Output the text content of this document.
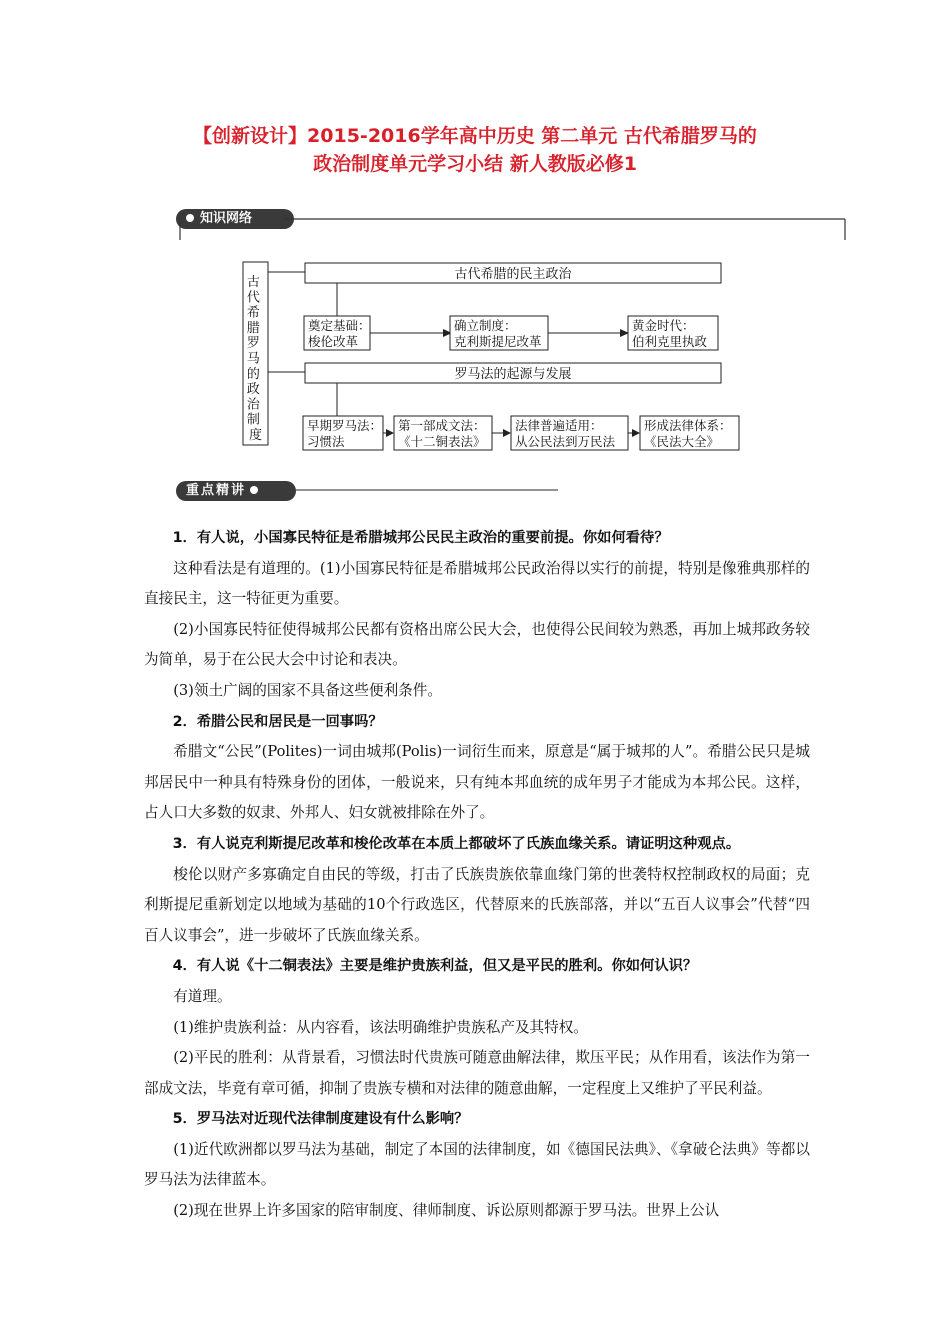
【创新设计】2015-2016学年高中历史 第二单元 古代希腊罗马的
政治制度单元学习小结 新人教版必修1
知识网络
古 代 希 腊 罗 马 的 政 治 制 度
古代希腊的民主政治
奠定基础：
梭伦改革
确立制度：
克利斯提尼改革
黄金时代：
伯利克里执政
罗马法的起源与发展
早期罗马法：
习惯法
第一部成文法：
《十二铜表法》
法律普遍适用：
从公民法到万民法
形成法律体系：
《民法大全》
重点精讲

1．有人说，小国寡民特征是希腊城邦公民民主政治的重要前提。你如何看待？

这种看法是有道理的。(1)小国寡民特征是希腊城邦公民政治得以实行的前提，特别是像雅典那样的直接民主，这一特征更为重要。

(2)小国寡民特征使得城邦公民都有资格出席公民大会，也使得公民间较为熟悉，再加上城邦政务较为简单，易于在公民大会中讨论和表决。

(3)领土广阔的国家不具备这些便利条件。

2．希腊公民和居民是一回事吗？

希腊文“公民”(Polites)一词由城邦(Polis)一词衍生而来，原意是“属于城邦的人”。希腊公民只是城邦居民中一种具有特殊身份的团体，一般说来，只有纯本邦血统的成年男子才能成为本邦公民。这样，占人口大多数的奴隶、外邦人、妇女就被排除在外了。

3．有人说克利斯提尼改革和梭伦改革在本质上都破坏了氏族血缘关系。请证明这种观点。

梭伦以财产多寡确定自由民的等级，打击了氏族贵族依靠血缘门第的世袭特权控制政权的局面；克利斯提尼重新划定以地域为基础的10个行政选区，代替原来的氏族部落，并以“五百人议事会”代替“四百人议事会”，进一步破坏了氏族血缘关系。

4．有人说《十二铜表法》主要是维护贵族利益，但又是平民的胜利。你如何认识？

有道理。

(1)维护贵族利益：从内容看，该法明确维护贵族私产及其特权。

(2)平民的胜利：从背景看，习惯法时代贵族可随意曲解法律，欺压平民；从作用看，该法作为第一部成文法，毕竟有章可循，抑制了贵族专横和对法律的随意曲解，一定程度上又维护了平民利益。

5．罗马法对近现代法律制度建设有什么影响？

(1)近代欧洲都以罗马法为基础，制定了本国的法律制度，如《德国民法典》、《拿破仑法典》等都以罗马法为法律蓝本。

(2)现在世界上许多国家的陪审制度、律师制度、诉讼原则都源于罗马法。世界上公认
